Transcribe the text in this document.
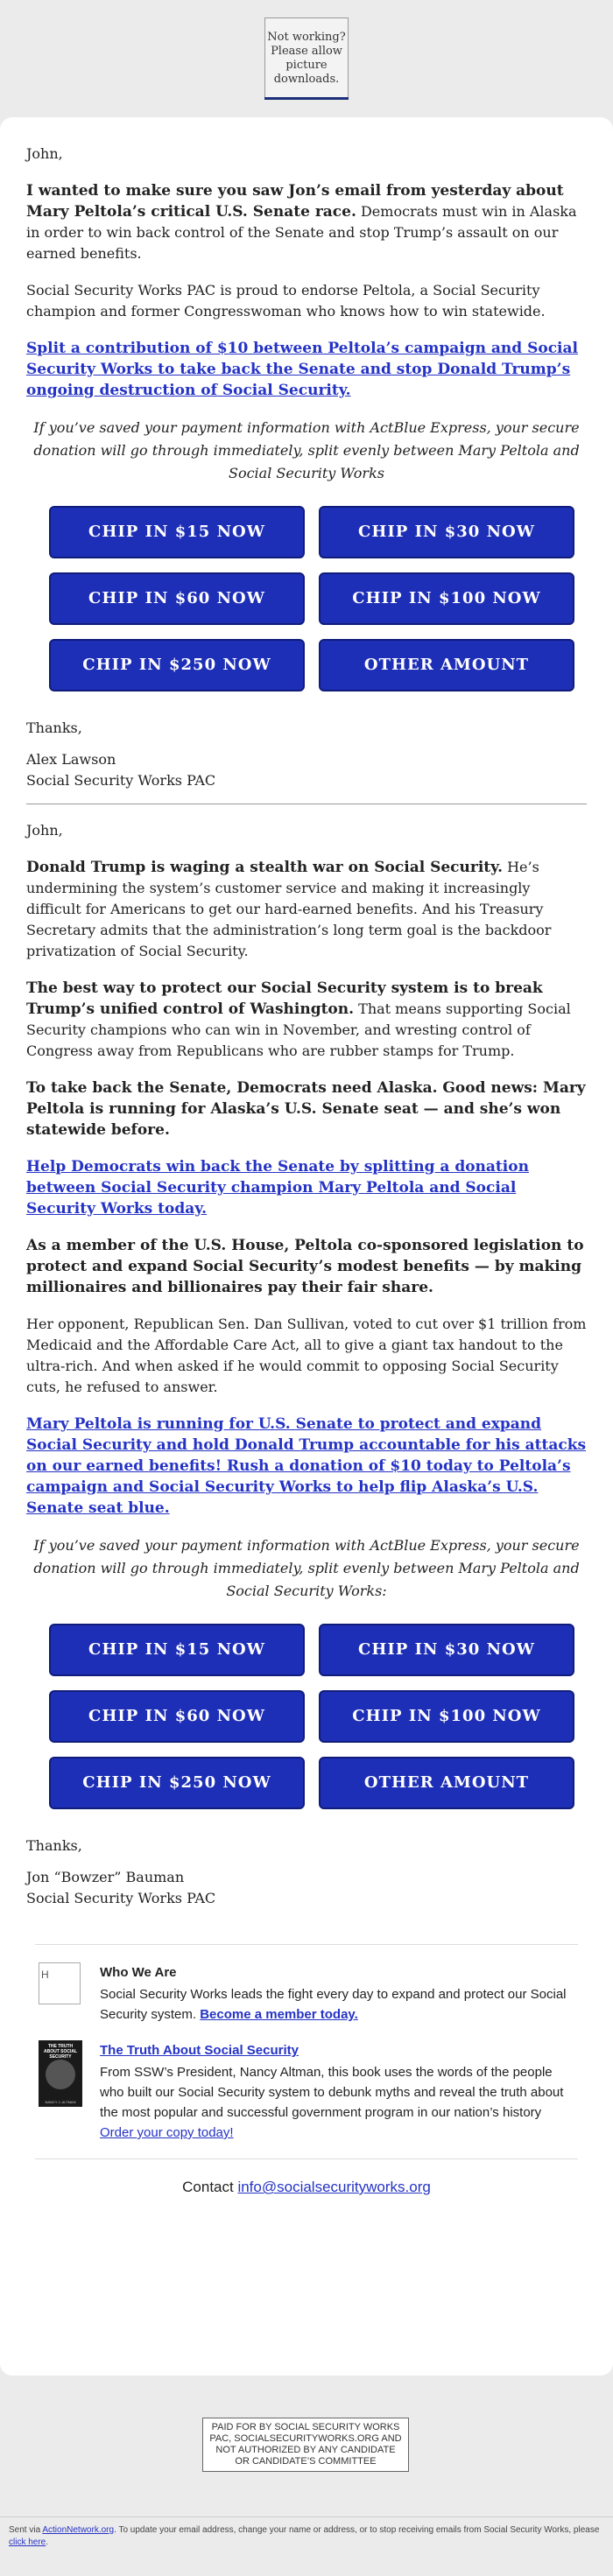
Not working? Please allow picture downloads.

John,

I wanted to make sure you saw Jon’s email from yesterday about Mary Peltola’s critical U.S. Senate race. Democrats must win in Alaska in order to win back control of the Senate and stop Trump’s assault on our earned benefits.

Social Security Works PAC is proud to endorse Peltola, a Social Security champion and former Congresswoman who knows how to win statewide.

Split a contribution of $10 between Peltola’s campaign and Social Security Works to take back the Senate and stop Donald Trump’s ongoing destruction of Social Security.

If you’ve saved your payment information with ActBlue Express, your secure donation will go through immediately, split evenly between Mary Peltola and Social Security Works

CHIP IN $15 NOW	CHIP IN $30 NOW
CHIP IN $60 NOW	CHIP IN $100 NOW
CHIP IN $250 NOW	OTHER AMOUNT

Thanks,

Alex Lawson
Social Security Works PAC

John,

Donald Trump is waging a stealth war on Social Security. He’s undermining the system’s customer service and making it increasingly difficult for Americans to get our hard-earned benefits. And his Treasury Secretary admits that the administration’s long term goal is the backdoor privatization of Social Security.

The best way to protect our Social Security system is to break Trump’s unified control of Washington. That means supporting Social Security champions who can win in November, and wresting control of Congress away from Republicans who are rubber stamps for Trump.

To take back the Senate, Democrats need Alaska. Good news: Mary Peltola is running for Alaska’s U.S. Senate seat — and she’s won statewide before.

Help Democrats win back the Senate by splitting a donation between Social Security champion Mary Peltola and Social Security Works today.

As a member of the U.S. House, Peltola co-sponsored legislation to protect and expand Social Security’s modest benefits — by making millionaires and billionaires pay their fair share.

Her opponent, Republican Sen. Dan Sullivan, voted to cut over $1 trillion from Medicaid and the Affordable Care Act, all to give a giant tax handout to the ultra-rich. And when asked if he would commit to opposing Social Security cuts, he refused to answer.

Mary Peltola is running for U.S. Senate to protect and expand Social Security and hold Donald Trump accountable for his attacks on our earned benefits! Rush a donation of $10 today to Peltola’s campaign and Social Security Works to help flip Alaska’s U.S. Senate seat blue.

If you’ve saved your payment information with ActBlue Express, your secure donation will go through immediately, split evenly between Mary Peltola and Social Security Works:

CHIP IN $15 NOW	CHIP IN $30 NOW
CHIP IN $60 NOW	CHIP IN $100 NOW
CHIP IN $250 NOW	OTHER AMOUNT

Thanks,

Jon “Bowzer” Bauman
Social Security Works PAC
H	Who We Are
Social Security Works leads the fight every day to expand and protect our Social Security system. Become a member today.
THE TRUTH ABOUT SOCIAL SECURITY
NANCY J. ALTMAN
The Truth About Social Security
From SSW’s President, Nancy Altman, this book uses the words of the people who built our Social Security system to debunk myths and reveal the truth about the most popular and successful government program in our nation’s history Order your copy today!
Contact info@socialsecurityworks.org
PAID FOR BY SOCIAL SECURITY WORKS PAC, SOCIALSECURITYWORKS.ORG AND NOT AUTHORIZED BY ANY CANDIDATE OR CANDIDATE’S COMMITTEE
Sent via ActionNetwork.org. To update your email address, change your name or address, or to stop receiving emails from Social Security Works, please click here.
